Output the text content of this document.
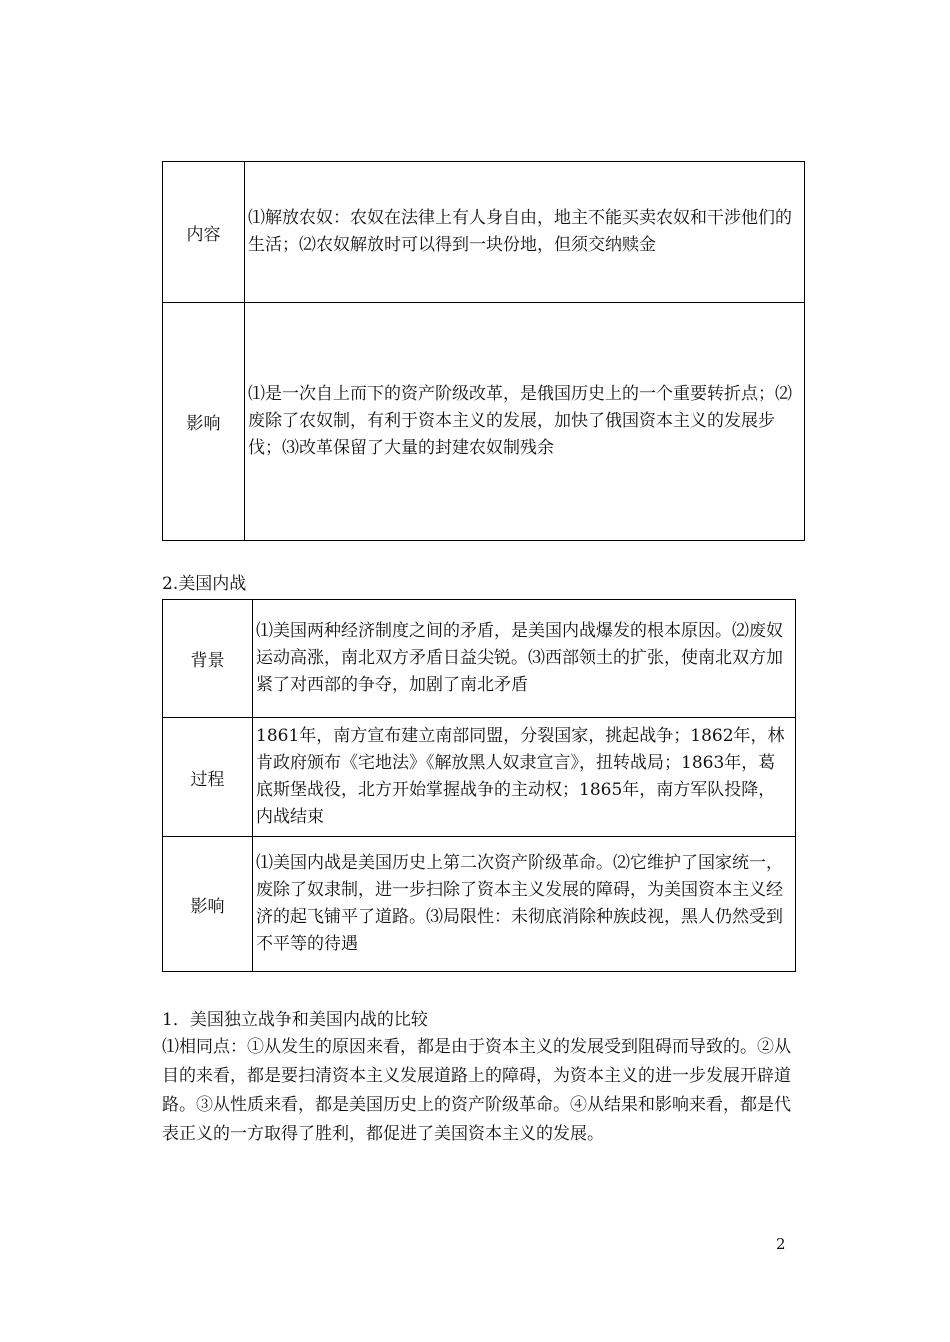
内容	⑴解放农奴：农奴在法律上有人身自由，地主不能买卖农奴和干涉他们的生活；⑵农奴解放时可以得到一块份地，但须交纳赎金
影响	⑴是一次自上而下的资产阶级改革，是俄国历史上的一个重要转折点；⑵废除了农奴制，有利于资本主义的发展，加快了俄国资本主义的发展步伐；⑶改革保留了大量的封建农奴制残余
2.美国内战
背景	⑴美国两种经济制度之间的矛盾，是美国内战爆发的根本原因。⑵废奴运动高涨，南北双方矛盾日益尖锐。⑶西部领土的扩张，使南北双方加紧了对西部的争夺，加剧了南北矛盾
过程	1861年，南方宣布建立南部同盟，分裂国家，挑起战争；1862年，林肯政府颁布《宅地法》《解放黑人奴隶宣言》，扭转战局；1863年，葛底斯堡战役，北方开始掌握战争的主动权；1865年，南方军队投降，内战结束
影响	⑴美国内战是美国历史上第二次资产阶级革命。⑵它维护了国家统一，废除了奴隶制，进一步扫除了资本主义发展的障碍，为美国资本主义经济的起飞铺平了道路。⑶局限性：未彻底消除种族歧视，黑人仍然受到不平等的待遇
1．美国独立战争和美国内战的比较
⑴相同点：①从发生的原因来看，都是由于资本主义的发展受到阻碍而导致的。②从目的来看，都是要扫清资本主义发展道路上的障碍，为资本主义的进一步发展开辟道路。③从性质来看，都是美国历史上的资产阶级革命。④从结果和影响来看，都是代表正义的一方取得了胜利，都促进了美国资本主义的发展。
2
